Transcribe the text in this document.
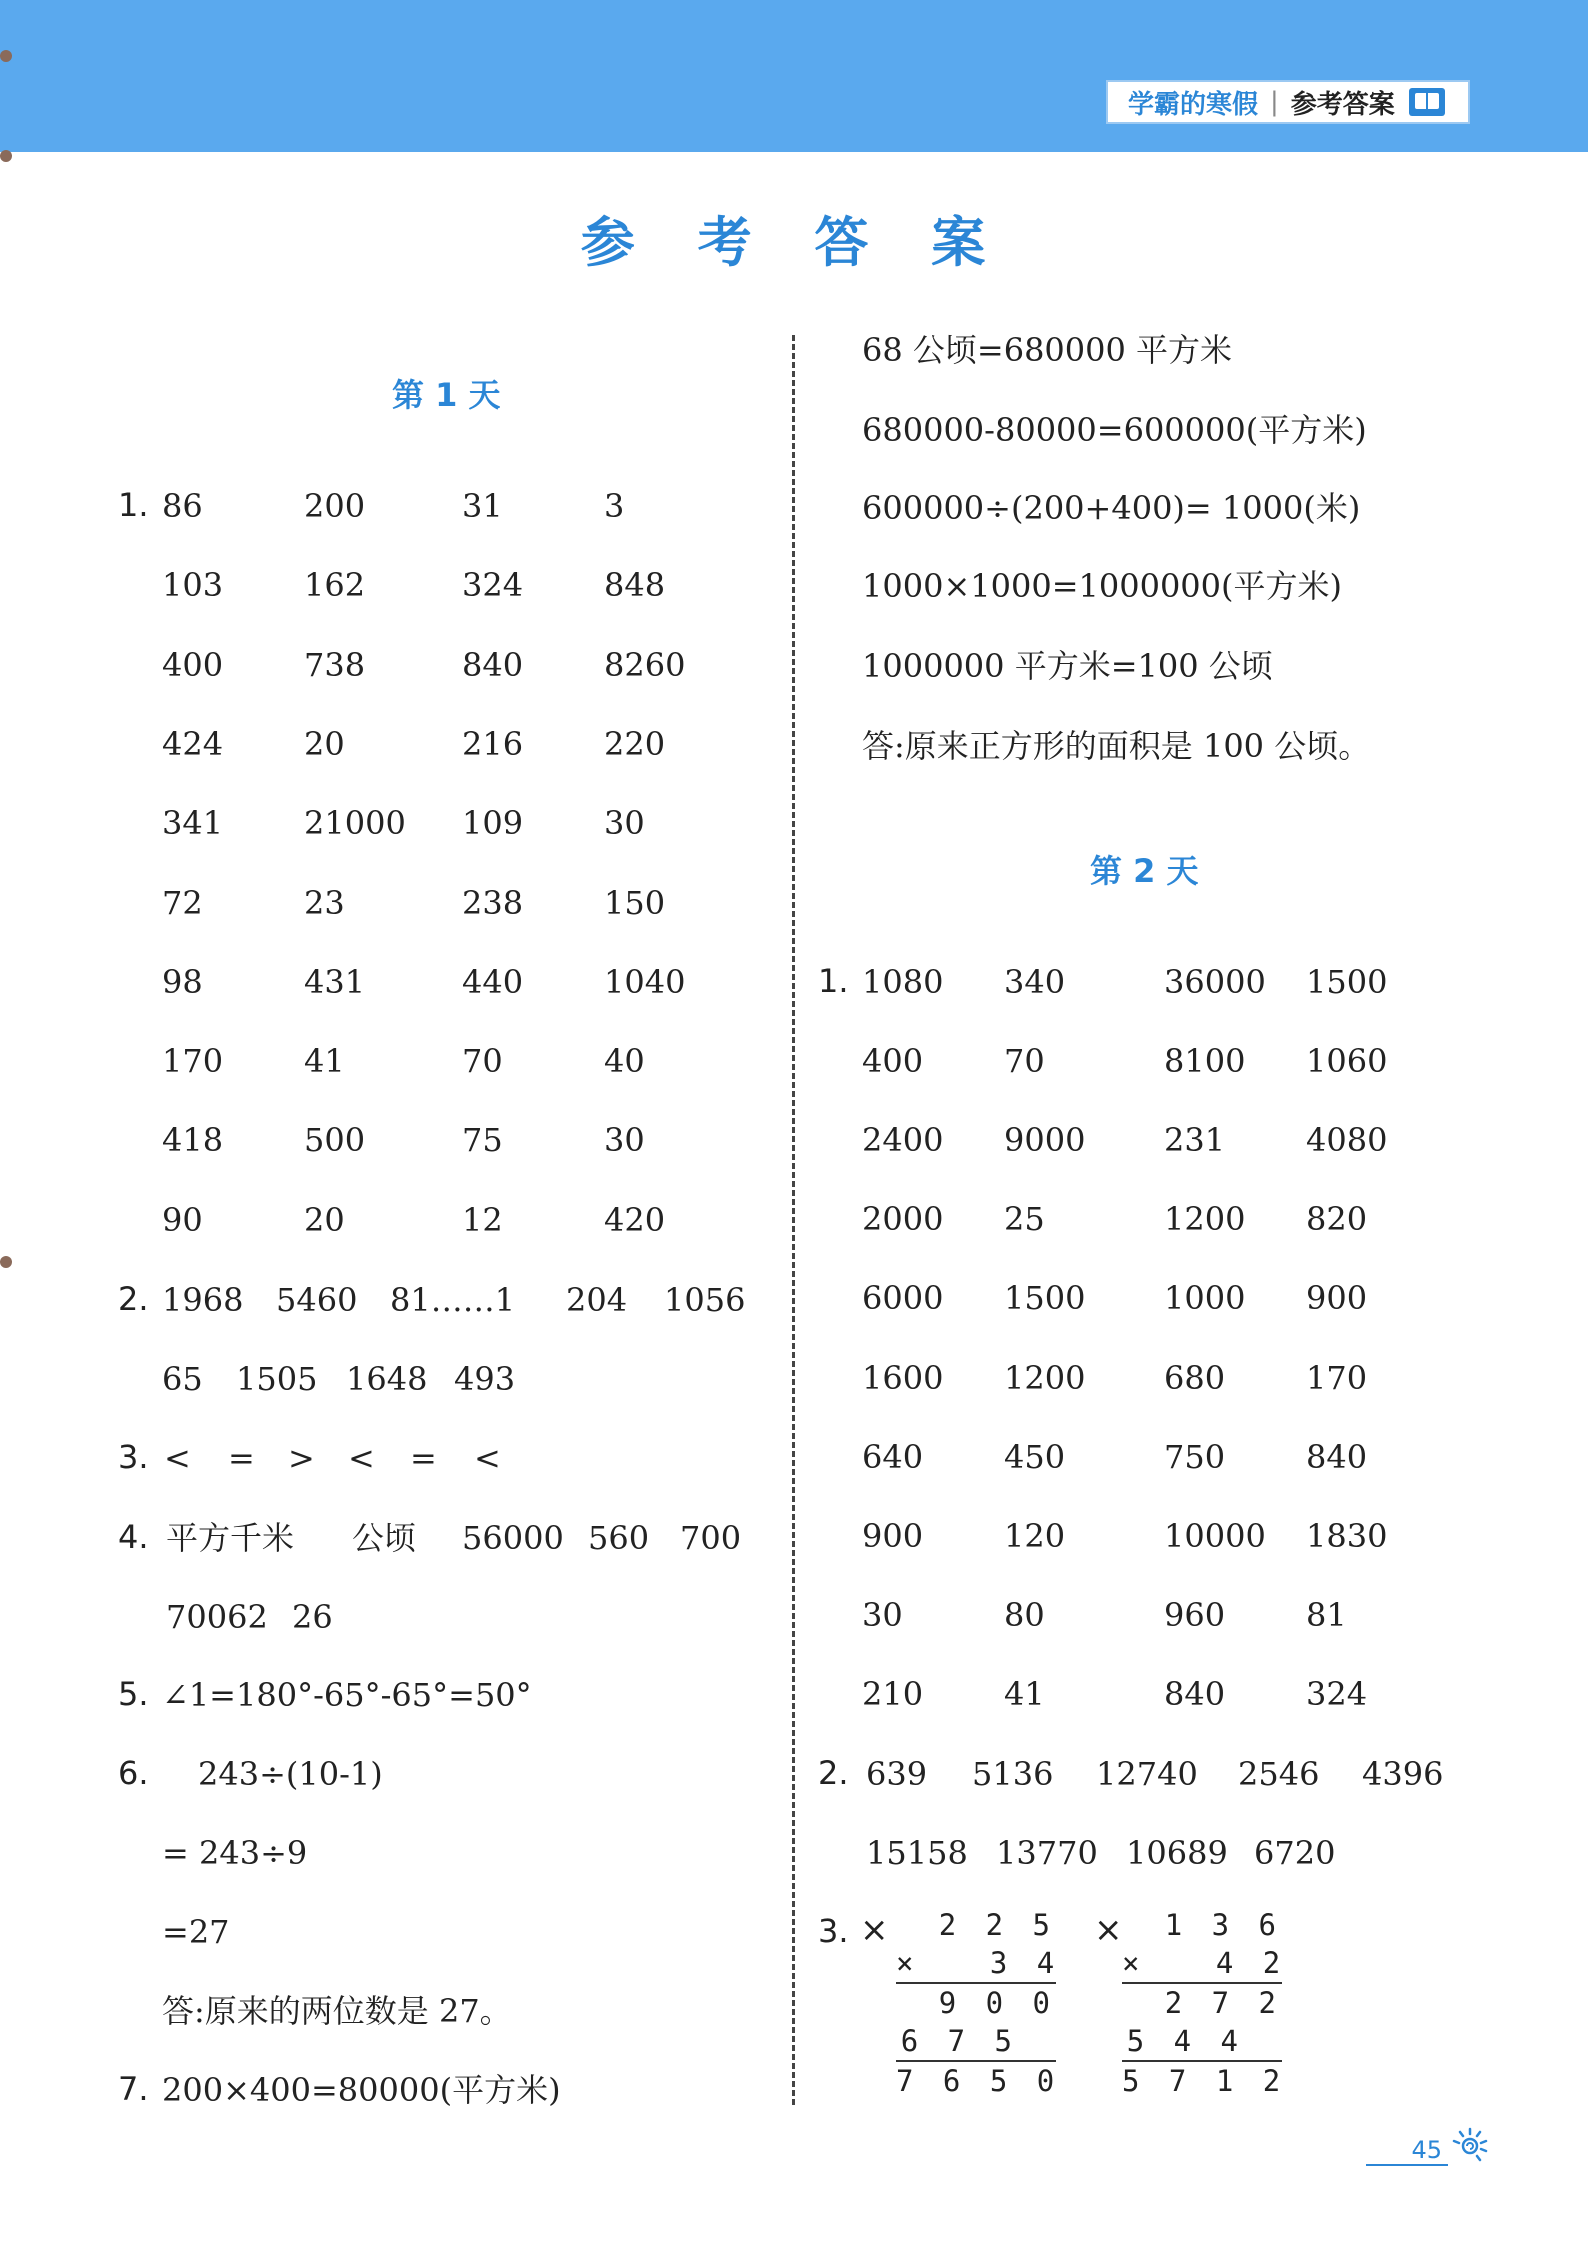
学霸的寒假 | 参考答案
参 考 答 案
第 1 天
1. 86	200	31	3
103	162	324	848
400	738	840	8260
424	20	216	220
341	21000 109	30
72	23	238	150
98	431	440	1040
170	41	70	40
418	500	75	30
90	20	12	420
2. 1968 5460 81……1 204 1056
65 1505 1648 493
3. < = > < = <
4. 平方千米 公顷 56000 560 700
70062 26
5. ∠1=180°-65°-65°=50°
6. 243÷(10-1)
= 243÷9
=27
答:原来的两位数是 27。
7. 200×400=80000(平方米)
68 公顷=680000 平方米
680000-80000=600000(平方米)
600000÷(200+400)= 1000(米)
1000×1000=1000000(平方米)
1000000 平方米=100 公顷
答:原来正方形的面积是 100 公顷。
第 2 天
1. 1080 340	36000 1500
400	70	8100 1060
2400 9000 231	4080
2000 25	1200 820
6000 1500 1000 900
1600 1200 680	170
640	450	750	840
900	120	10000 1830
30	80	960	81
210	41	840	324
2. 639 5136 12740 2546 4396
15158 13770 10689 6720
3. ×	×
2 2 5
×   3 4
9 0 0
6 7 5
7 6 5 0
1 3 6
×   4 2
2 7 2
5 4 4
5 7 1 2
45
